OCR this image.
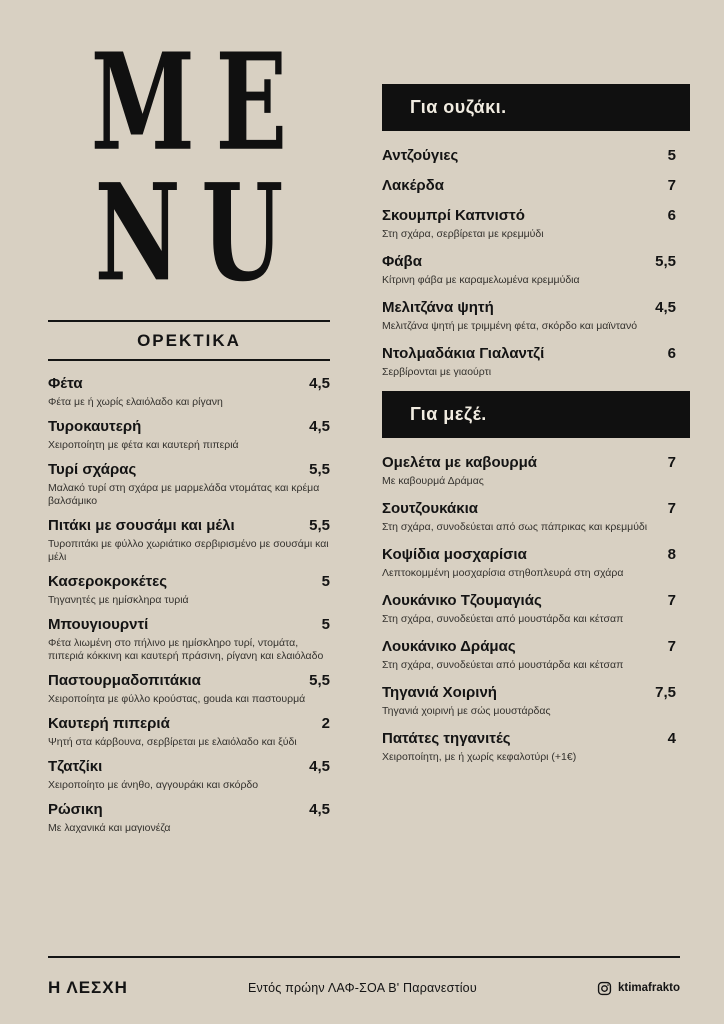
ME
NU
ΟΡΕΚΤΙΚΑ
Φέτα	4,5
Φέτα με ή χωρίς ελαιόλαδο και ρίγανη
Τυροκαυτερή	4,5
Χειροποίητη με φέτα και καυτερή πιπεριά
Τυρί σχάρας	5,5
Μαλακό τυρί στη σχάρα με μαρμελάδα ντομάτας και κρέμα βαλσάμικο
Πιτάκι με σουσάμι και μέλι	5,5
Τυροπιτάκι με φύλλο χωριάτικο σερβιρισμένο με σουσάμι και μέλι
Κασεροκροκέτες	5
Τηγανητές με ημίσκληρα τυριά
Μπουγιουρντί	5
Φέτα λιωμένη στο πήλινο με ημίσκληρο τυρί, ντομάτα, πιπεριά κόκκινη και καυτερή πράσινη, ρίγανη και ελαιόλαδο
Παστουρμαδοπιτάκια	5,5
Χειροποίητα με φύλλο κρούστας, gouda και παστουρμά
Καυτερή πιπεριά	2
Ψητή στα κάρβουνα, σερβίρεται με ελαιόλαδο και ξύδι
Τζατζίκι	4,5
Χειροποίητο με άνηθο, αγγουράκι και σκόρδο
Ρώσικη	4,5
Με λαχανικά και μαγιονέζα
Για ουζάκι.
Αντζούγιες	5
Λακέρδα	7
Σκουμπρί Καπνιστό	6
Στη σχάρα, σερβίρεται με κρεμμύδι
Φάβα	5,5
Κίτρινη φάβα με καραμελωμένα κρεμμύδια
Μελιτζάνα ψητή	4,5
Μελιτζάνα ψητή με τριμμένη φέτα, σκόρδο και μαϊντανό
Ντολμαδάκια Γιαλαντζί	6
Σερβίρονται με γιαούρτι
Για μεζέ.
Ομελέτα με καβουρμά	7
Με καβουρμά Δράμας
Σουτζουκάκια	7
Στη σχάρα, συνοδεύεται από σως πάπρικας και κρεμμύδι
Κοψίδια μοσχαρίσια	8
Λεπτοκομμένη μοσχαρίσια στηθοπλευρά στη σχάρα
Λουκάνικο Τζουμαγιάς	7
Στη σχάρα, συνοδεύεται από μουστάρδα και κέτσαπ
Λουκάνικο Δράμας	7
Στη σχάρα, συνοδεύεται από μουστάρδα και κέτσαπ
Τηγανιά Χοιρινή	7,5
Τηγανιά χοιρινή με σώς μουστάρδας
Πατάτες τηγανιτές	4
Χειροποίητη, με ή χωρίς κεφαλοτύρι (+1€)
Η ΛΕΣΧΗ	Εντός πρώην ΛΑΦ-ΣΟΑ Β' Παρανεστίου	ktimafrakto
